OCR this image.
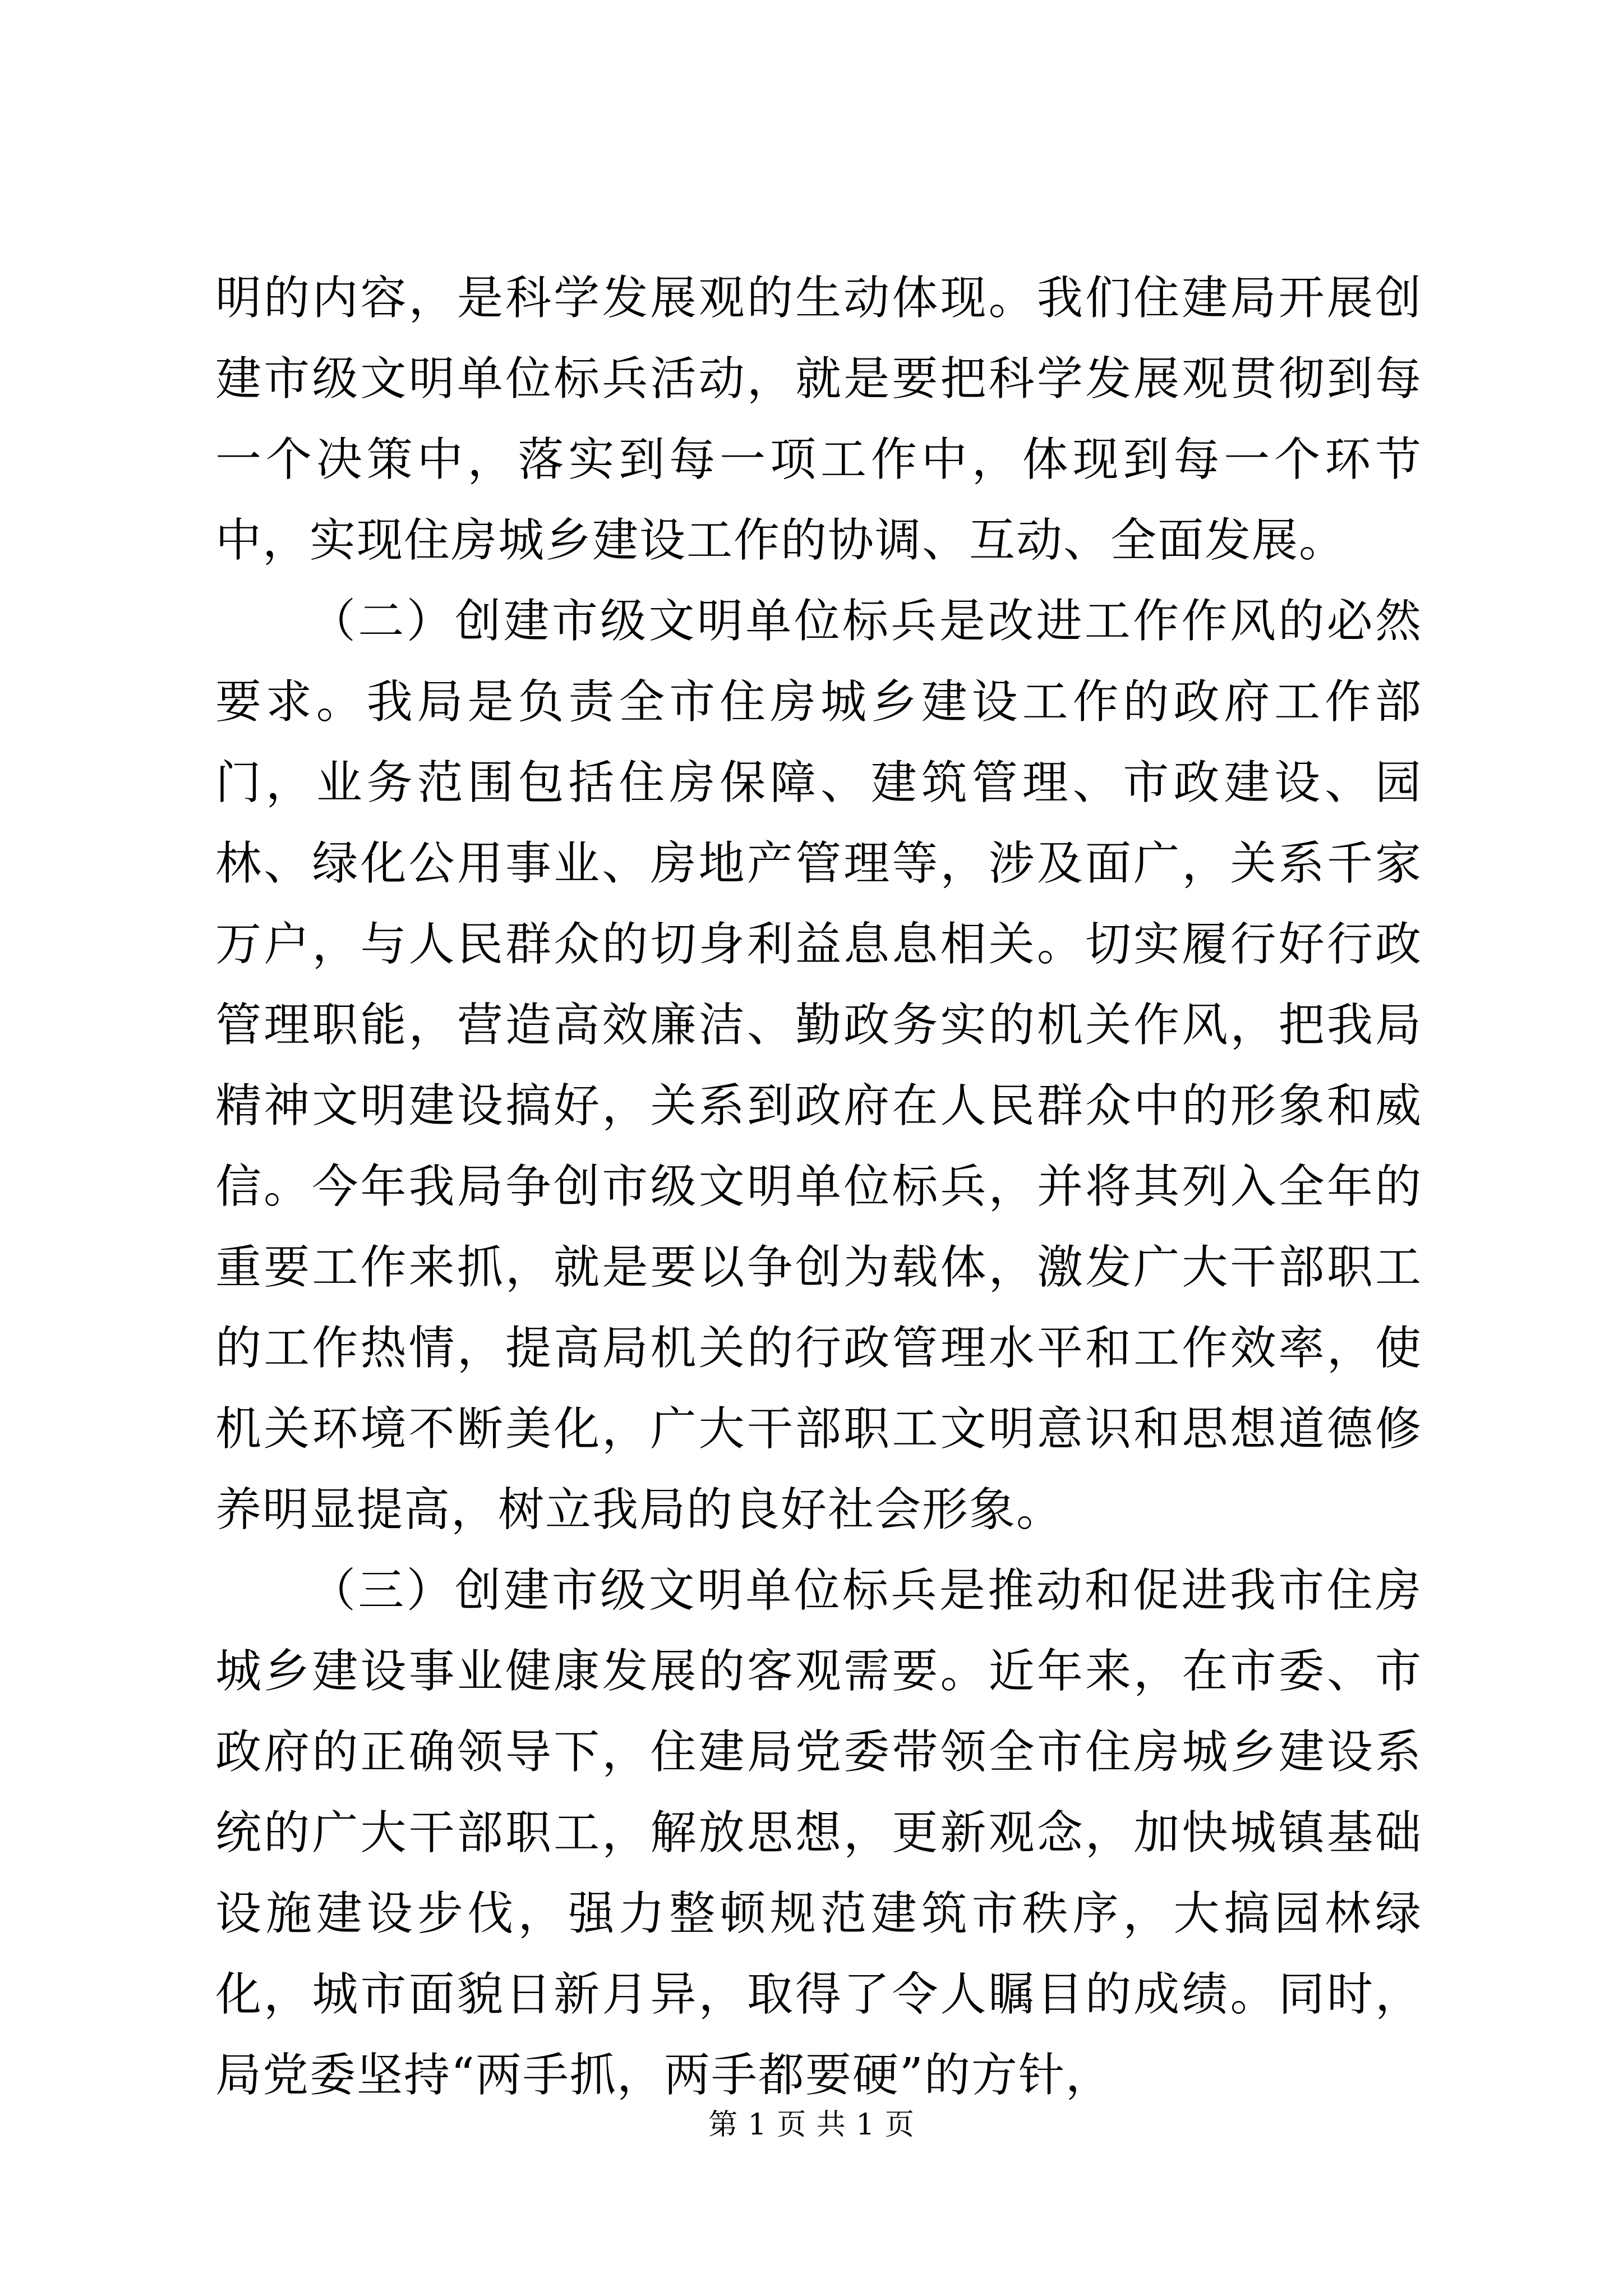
明的内容，是科学发展观的生动体现。我们住建局开展创建市级文明单位标兵活动，就是要把科学发展观贯彻到每一个决策中，落实到每一项工作中，体现到每一个环节中，实现住房城乡建设工作的协调、互动、全面发展。

（二）创建市级文明单位标兵是改进工作作风的必然要求。我局是负责全市住房城乡建设工作的政府工作部门，业务范围包括住房保障、建筑管理、市政建设、园林、绿化公用事业、房地产管理等，涉及面广，关系千家万户，与人民群众的切身利益息息相关。切实履行好行政管理职能，营造高效廉洁、勤政务实的机关作风，把我局精神文明建设搞好，关系到政府在人民群众中的形象和威信。今年我局争创市级文明单位标兵，并将其列入全年的重要工作来抓，就是要以争创为载体，激发广大干部职工的工作热情，提高局机关的行政管理水平和工作效率，使机关环境不断美化，广大干部职工文明意识和思想道德修养明显提高，树立我局的良好社会形象。

（三）创建市级文明单位标兵是推动和促进我市住房城乡建设事业健康发展的客观需要。近年来，在市委、市政府的正确领导下，住建局党委带领全市住房城乡建设系统的广大干部职工，解放思想，更新观念，加快城镇基础设施建设步伐，强力整顿规范建筑市秩序，大搞园林绿化，城市面貌日新月异，取得了令人瞩目的成绩。同时，局党委坚持“两手抓，两手都要硬”的方针，

第 1 页 共 1 页
